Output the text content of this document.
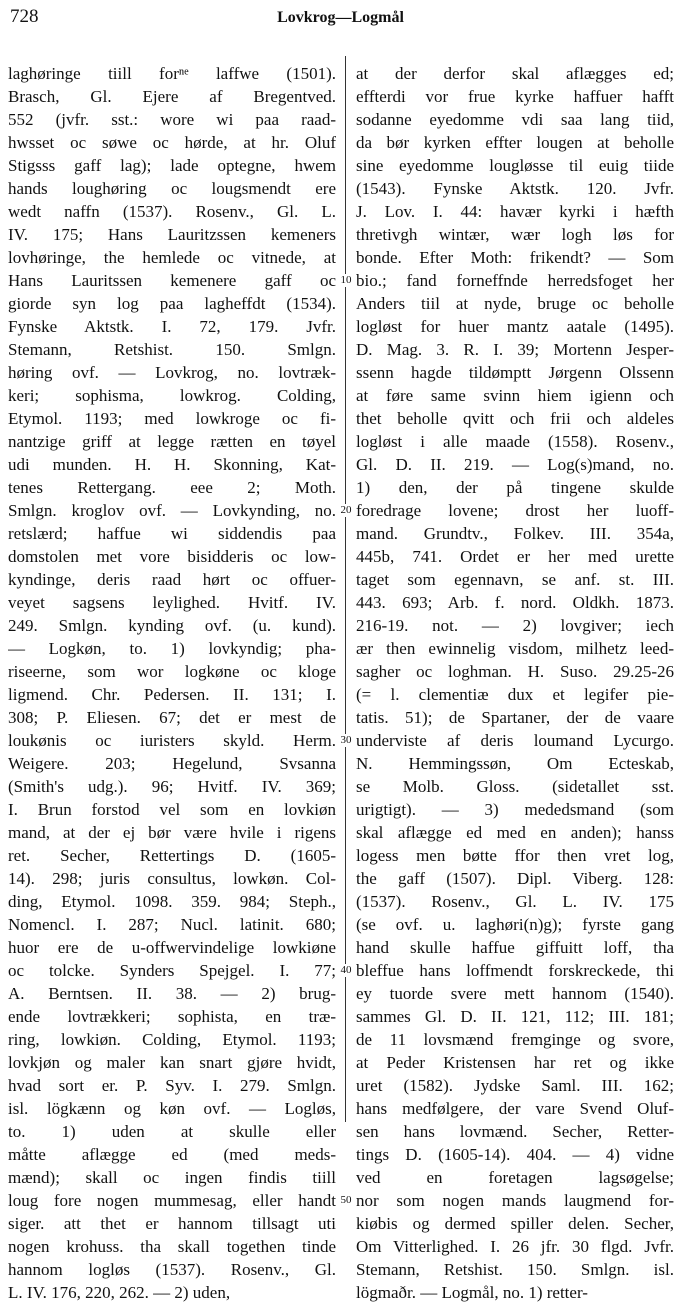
728	Lovkrog—Logmål
laghøringe tiill forⁿᵉ laffwe (1501).
Brasch, Gl. Ejere af Bregentved.
552 (jvfr. sst.: wore wi paa raad-
hwsset oc søwe oc hørde, at hr. Oluf
Stigsss gaff lag); lade optegne, hwem
hands loughøring oc lougsmendt ere
wedt naffn (1537). Rosenv., Gl. L.
IV. 175; Hans Lauritzssen kemeners
lovhøringe, the hemlede oc vitnede, at
Hans Lauritssen kemenere gaff oc
giorde syn log paa lagheffdt (1534).
Fynske Aktstk. I. 72, 179. Jvfr.
Stemann, Retshist. 150. Smlgn.
høring ovf. — Lovkrog, no. lovtræk-
keri; sophisma, lowkrog. Colding,
Etymol. 1193; med lowkroge oc fi-
nantzige griff at legge rætten en tøyel
udi munden. H. H. Skonning, Kat-
tenes Rettergang. eee 2; Moth.
Smlgn. kroglov ovf. — Lovkynding, no.
retslærd; haffue wi siddendis paa
domstolen met vore bisidderis oc low-
kyndinge, deris raad hørt oc offuer-
veyet sagsens leylighed. Hvitf. IV.
249. Smlgn. kynding ovf. (u. kund).
— Logkøn, to. 1) lovkyndig; pha-
riseerne, som wor logkøne oc kloge
ligmend. Chr. Pedersen. II. 131; I.
308; P. Eliesen. 67; det er mest de
loukønis oc iuristers skyld. Herm.
Weigere. 203; Hegelund, Svsanna
(Smith's udg.). 96; Hvitf. IV. 369;
I. Brun forstod vel som en lovkiøn
mand, at der ej bør være hvile i rigens
ret. Secher, Rettertings D. (1605-
14). 298; juris consultus, lowkøn. Col-
ding, Etymol. 1098. 359. 984; Steph.,
Nomencl. I. 287; Nucl. latinit. 680;
huor ere de u-offwervindelige lowkiøne
oc tolcke. Synders Spejgel. I. 77;
A. Berntsen. II. 38. — 2) brug-
ende lovtrækkeri; sophista, en træ-
ring, lowkiøn. Colding, Etymol. 1193;
lovkjøn og maler kan snart gjøre hvidt,
hvad sort er. P. Syv. I. 279. Smlgn.
isl. lögkænn og køn ovf. — Logløs,
to. 1) uden at skulle eller
måtte aflægge ed (med meds-
mænd); skall oc ingen findis tiill
loug fore nogen mummesag, eller handt
siger. att thet er hannom tillsagt uti
nogen krohuss. tha skall togethen tinde
hannom logløs (1537). Rosenv., Gl.
L. IV. 176, 220, 262. — 2) uden,
at der derfor skal aflægges ed;
effterdi vor frue kyrke haffuer hafft
sodanne eyedomme vdi saa lang tiid,
da bør kyrken effter lougen at beholle
sine eyedomme lougløsse til euig tiide
(1543). Fynske Aktstk. 120. Jvfr.
J. Lov. I. 44: havær kyrki i hæfth
thretivgh wintær, wær logh løs for
bonde. Efter Moth: frikendt? — Som
bio.; fand forneffnde herredsfoget her
Anders tiil at nyde, bruge oc beholle
logløst for huer mantz aatale (1495).
D. Mag. 3. R. I. 39; Mortenn Jesper-
ssenn hagde tildømptt Jørgenn Olssenn
at føre same svinn hiem igienn och
thet beholle qvitt och frii och aldeles
logløst i alle maade (1558). Rosenv.,
Gl. D. II. 219. — Log(s)mand, no.
1) den, der på tingene skulde
foredrage lovene; drost her luoff-
mand. Grundtv., Folkev. III. 354a,
445b, 741. Ordet er her med urette
taget som egennavn, se anf. st. III.
443. 693; Arb. f. nord. Oldkh. 1873.
216-19. not. — 2) lovgiver; iech
ær then ewinnelig visdom, milhetz leed-
sagher oc loghman. H. Suso. 29.25-26
(= l. clementiæ dux et legifer pie-
tatis. 51); de Spartaner, der de vaare
underviste af deris loumand Lycurgo.
N. Hemmingssøn, Om Ecteskab,
se Molb. Gloss. (sidetallet sst.
urigtigt). — 3) mededsmand (som
skal aflægge ed med en anden); hanss
logess men bøtte ffor then vret log,
the gaff (1507). Dipl. Viberg. 128:
(1537). Rosenv., Gl. L. IV. 175
(se ovf. u. laghøri(n)g); fyrste gang
hand skulle haffue giffuitt loff, tha
bleffue hans loffmendt forskreckede, thi
ey tuorde svere mett hannom (1540).
sammes Gl. D. II. 121, 112; III. 181;
de 11 lovsmænd fremginge og svore,
at Peder Kristensen har ret og ikke
uret (1582). Jydske Saml. III. 162;
hans medfølgere, der vare Svend Oluf-
sen hans lovmænd. Secher, Retter-
tings D. (1605-14). 404. — 4) vidne
ved en foretagen lagsøgelse;
nor som nogen mands laugmend for-
kiøbis og dermed spiller delen. Secher,
Om Vitterlighed. I. 26 jfr. 30 flgd. Jvfr.
Stemann, Retshist. 150. Smlgn. isl.
lögmaðr. — Logmål, no. 1) retter-
10
20
30
40
50
